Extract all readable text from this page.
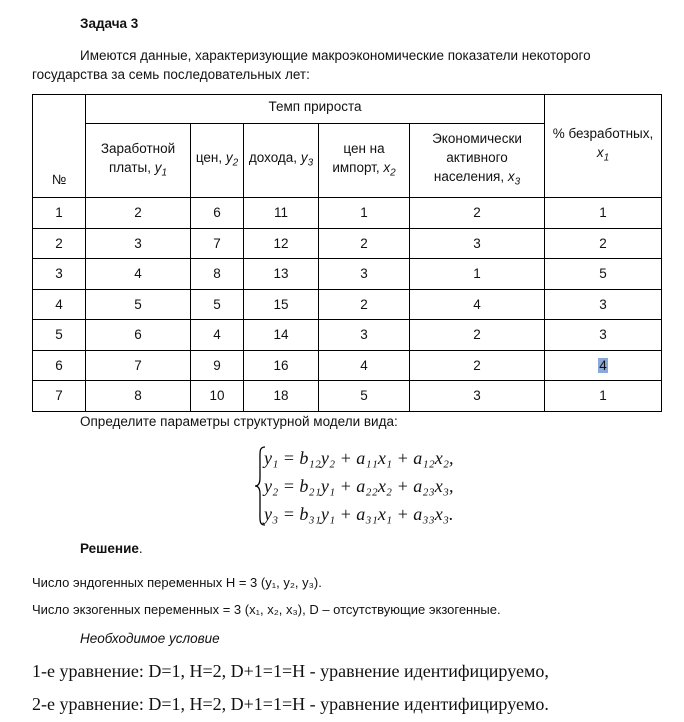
Задача 3
Имеются данные, характеризующие макроэкономические показатели некоторого государства за семь последовательных лет:
№	Темп прироста					% безработных, $x_1$
	Заработной платы, $y_1$	цен, $y_2$	дохода, $y_3$	цен на импорт, $x_2$	Экономически активного населения, $x_3$
1	2	6	11	1	2	1
2	3	7	12	2	3	2
3	4	8	13	3	1	5
4	5	5	15	2	4	3
5	6	4	14	3	2	3
6	7	9	16	4	2	4
7	8	10	18	5	3	1
Определите параметры структурной модели вида:
y₁ = b₁₂y₂ + a₁₁x₁ + a₁₂x₂,
y₂ = b₂₁y₁ + a₂₂x₂ + a₂₃x₃,
y₃ = b₃₁y₁ + a₃₁x₁ + a₃₃x₃.
Решение.
Число эндогенных переменных H = 3 (y₁, y₂, y₃).
Число экзогенных переменных = 3 (x₁, x₂, x₃), D – отсутствующие экзогенные.
Необходимое условие
1-е уравнение: D=1, H=2, D+1=1=H - уравнение идентифицируемо,
2-е уравнение: D=1, H=2, D+1=1=H - уравнение идентифицируемо.
